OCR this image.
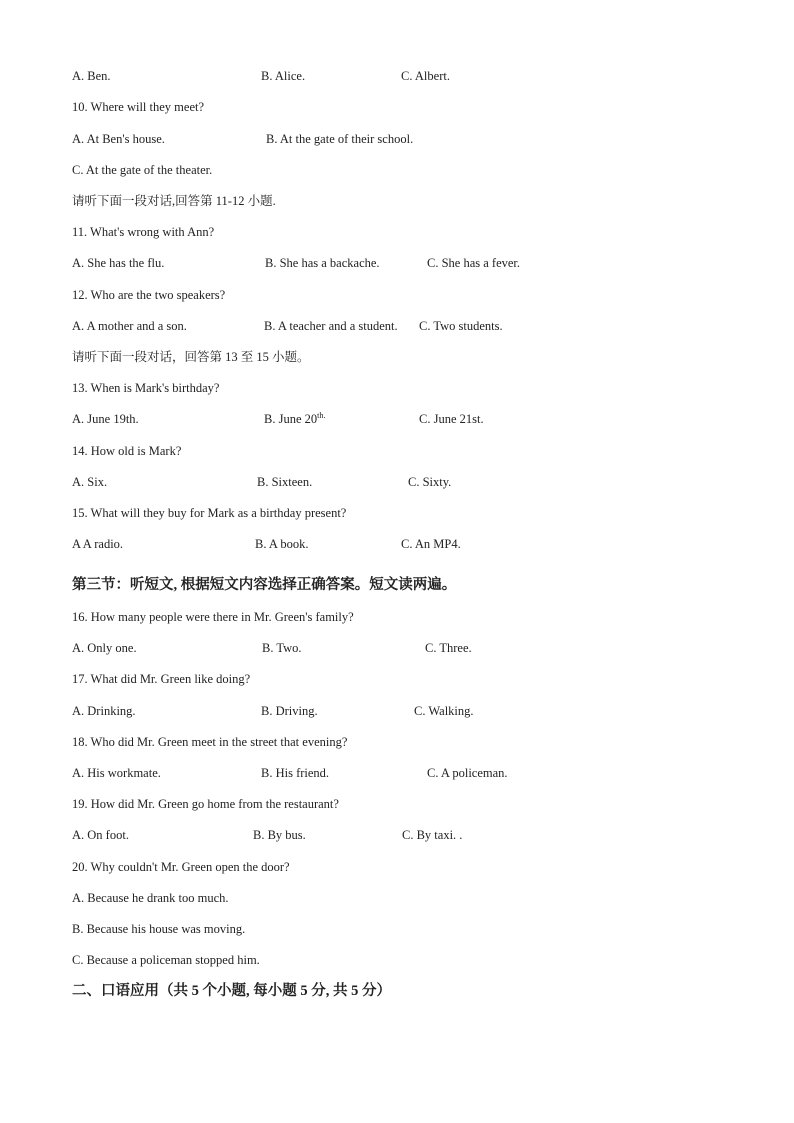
A. Ben.	B. Alice.	C. Albert.
10. Where will they meet?
A. At Ben's house.	B. At the gate of their school.
C. At the gate of the theater.
请听下面一段对话,回答第 11-12 小题.
11. What's wrong with Ann?
A. She has the flu.	B. She has a backache.	C. She has a fever.
12. Who are the two speakers?
A. A mother and a son.	B. A teacher and a student. C. Two students.
请听下面一段对话，回答第 13 至 15 小题。
13. When is Mark's birthday?
A. June 19th.	B. June $20^{th.}$	C. June 21st.
14. How old is Mark?
A. Six.	B. Sixteen.	C. Sixty.
15. What will they buy for Mark as a birthday present?
A A radio.	B. A book.	C. An MP4.
第三节：听短文, 根据短文内容选择正确答案。短文读两遍。
16. How many people were there in Mr. Green's family?
A. Only one.	B. Two.	C. Three.
17. What did Mr. Green like doing?
A. Drinking.	B. Driving.	C. Walking.
18. Who did Mr. Green meet in the street that evening?
A. His workmate.	B. His friend.	C. A policeman.
19. How did Mr. Green go home from the restaurant?
A. On foot.	B. By bus.	C. By taxi. .
20. Why couldn't Mr. Green open the door?
A. Because he drank too much.
B. Because his house was moving.
C. Because a policeman stopped him.
二、口语应用（共 5 个小题, 每小题 5 分, 共 5 分）
